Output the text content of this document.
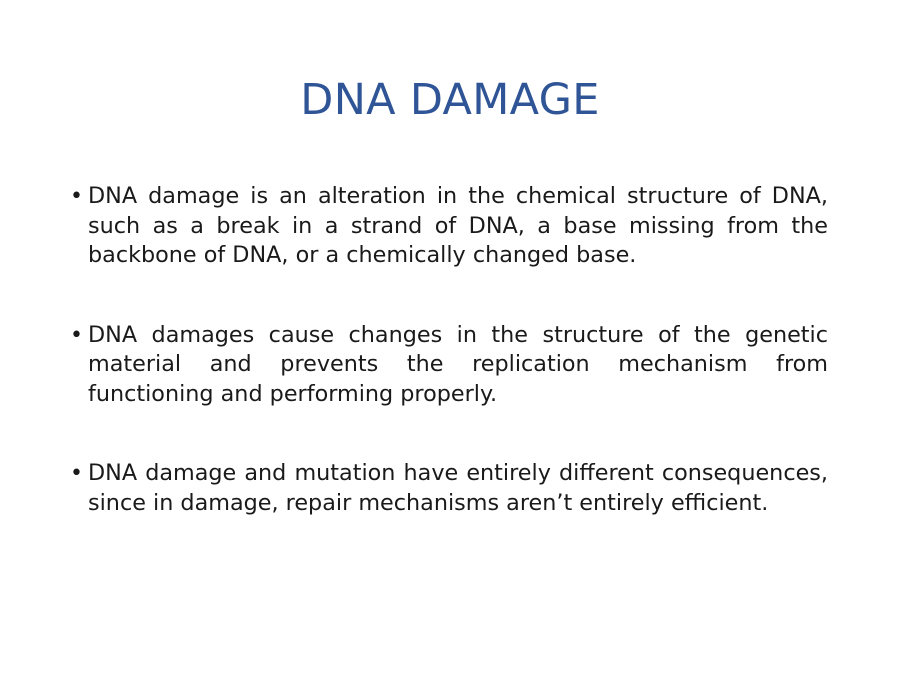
DNA DAMAGE
• DNA damage is an alteration in the chemical structure of DNA, such as a break in a strand of DNA, a base missing from the backbone of DNA, or a chemically changed base.
• DNA damages cause changes in the structure of the genetic material and prevents the replication mechanism from functioning and performing properly.
• DNA damage and mutation have entirely different consequences, since in damage, repair mechanisms aren’t entirely efficient.
